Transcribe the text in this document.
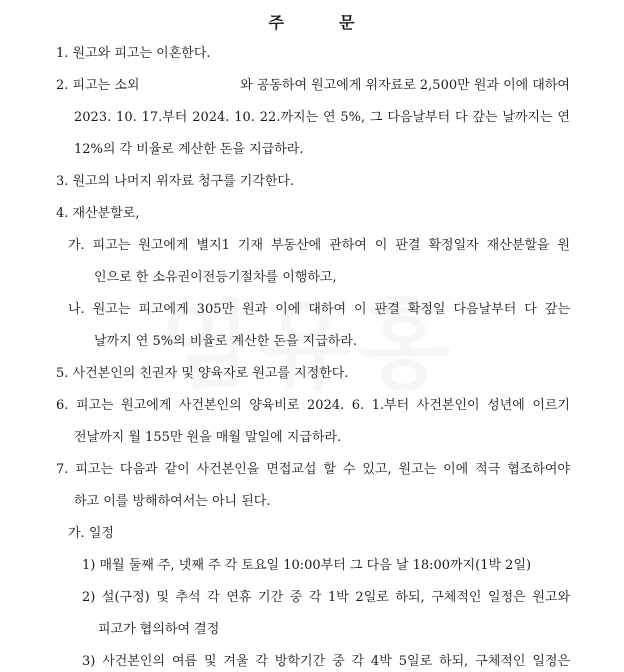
주	문
1. 원고와 피고는 이혼한다.
2. 피고는 소외	와 공동하여 원고에게 위자료로 2,500만 원과 이에 대하여
2023. 10. 17.부터 2024. 10. 22.까지는 연 5%, 그 다음날부터 다 갚는 날까지는 연
12%의 각 비율로 계산한 돈을 지급하라.
3. 원고의 나머지 위자료 청구를 기각한다.
4. 재산분할로,
가. 피고는 원고에게 별지1 기재 부동산에 관하여 이 판결 확정일자 재산분할을 원
인으로 한 소유권이전등기절차를 이행하고,
나. 원고는 피고에게 305만 원과 이에 대하여 이 판결 확정일 다음날부터 다 갚는
날까지 연 5%의 비율로 계산한 돈을 지급하라.
5. 사건본인의 친권자 및 양육자로 원고를 지정한다.
6. 피고는 원고에게 사건본인의 양육비로 2024. 6. 1.부터 사건본인이 성년에 이르기
전날까지 월 155만 원을 매월 말일에 지급하라.
7. 피고는 다음과 같이 사건본인을 면접교섭 할 수 있고, 원고는 이에 적극 협조하여야
하고 이를 방해하여서는 아니 된다.
가. 일정
1) 매월 둘째 주, 넷째 주 각 토요일 10:00부터 그 다음 날 18:00까지(1박 2일)
2) 설(구정) 및 추석 각 연휴 기간 중 각 1박 2일로 하되, 구체적인 일정은 원고와
피고가 협의하여 결정
3) 사건본인의 여름 및 겨울 각 방학기간 중 각 4박 5일로 하되, 구체적인 일정은
